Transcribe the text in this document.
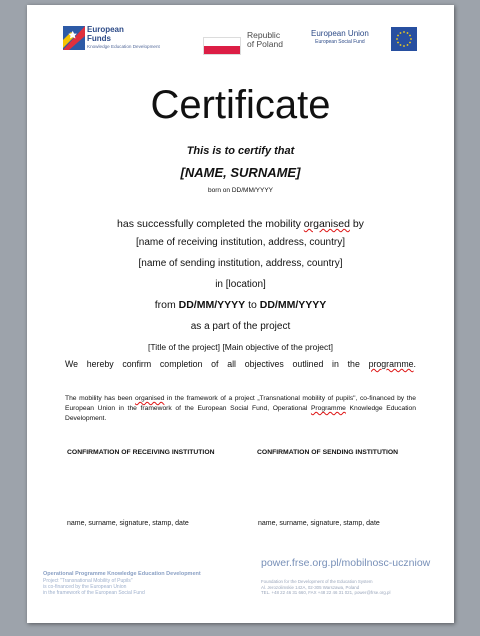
European
Funds
Knowledge Education Development
Republic
of Poland
European Union
European Social Fund
Certificate
This is to certify that
[NAME, SURNAME]
born on DD/MM/YYYY
has successfully completed the mobility organised by
[name of receiving institution, address, country]
[name of sending institution, address, country]
in [location]
from DD/MM/YYYY to DD/MM/YYYY
as a part of the project
[Title of the project] [Main objective of the project]
We hereby confirm completion of all objectives outlined in the programme.
The mobility has been organised in the framework of a project „Transnational mobility of pupils", co-financed by the European Union in the framework of the European Social Fund, Operational Programme Knowledge Education Development.
CONFIRMATION OF RECEIVING INSTITUTION	CONFIRMATION OF SENDING INSTITUTION
name, surname, signature, stamp, date	name, surname, signature, stamp, date
power.frse.org.pl/mobilnosc-uczniow
Operational Programme Knowledge Education Development
Project "Transnational Mobility of Pupils"
is co-financed by the European Union
in the framework of the European Social Fund
Foundation for the Development of the Education System
Al. Jerozolimskie 142A, 02-305 Warszawa, Poland
TEL. +48 22 46 31 660, FAX +48 22 46 31 021, power@frse.org.pl
